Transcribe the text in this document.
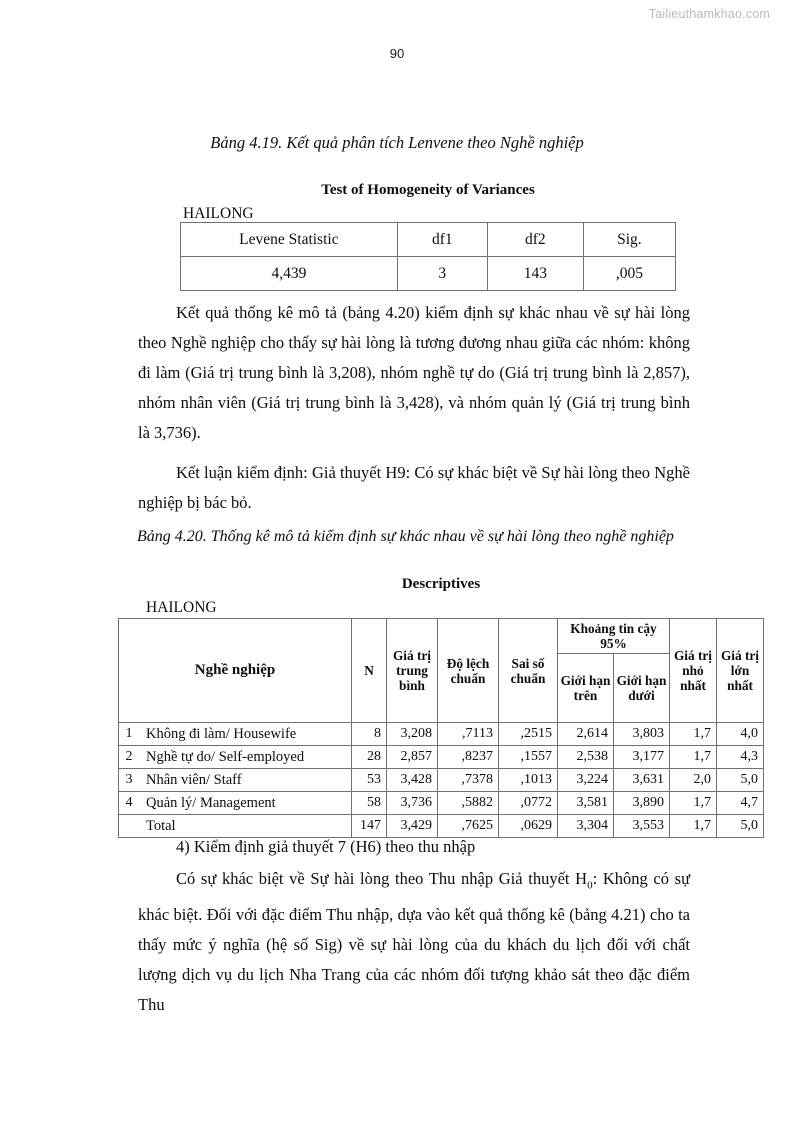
Tailieuthamkhao.com
90
Bảng 4.19. Kết quả phân tích Lenvene theo Nghề nghiệp
Test of Homogeneity of Variances
HAILONG
Levene Statistic	df1	df2	Sig.
4,439	3	143	,005

Kết quả thống kê mô tả (bảng 4.20) kiểm định sự khác nhau về sự hài lòng theo Nghề nghiệp cho thấy sự hài lòng là tương đương nhau giữa các nhóm: không đi làm (Giá trị trung bình là 3,208), nhóm nghề tự do (Giá trị trung bình là 2,857), nhóm nhân viên (Giá trị trung bình là 3,428), và nhóm quản lý (Giá trị trung bình là 3,736).

Kết luận kiểm định: Giả thuyết H9: Có sự khác biệt về Sự hài lòng theo Nghề nghiệp bị bác bỏ.

Bảng 4.20. Thống kê mô tả kiểm định sự khác nhau về sự hài lòng theo nghề nghiệp
Descriptives
HAILONG
Nghề nghiệp		N	Giá trị trung bình	Độ lệch chuẩn	Sai số chuẩn	Khoảng tin cậy 95%		Giá trị nhỏ nhất	Giá trị lớn nhất
						Giới hạn trên	Giới hạn dưới		
1	Không đi làm/ Housewife	8	3,208	,7113	,2515	2,614	3,803	1,7	4,0
2	Nghề tự do/ Self-employed	28	2,857	,8237	,1557	2,538	3,177	1,7	4,3
3	Nhân viên/ Staff	53	3,428	,7378	,1013	3,224	3,631	2,0	5,0
4	Quản lý/ Management	58	3,736	,5882	,0772	3,581	3,890	1,7	4,7
	Total	147	3,429	,7625	,0629	3,304	3,553	1,7	5,0
4) Kiểm định giả thuyết 7 (H6) theo thu nhập

Có sự khác biệt về Sự hài lòng theo Thu nhập Giả thuyết $H_0$: Không có sự khác biệt. Đối với đặc điểm Thu nhập, dựa vào kết quả thống kê (bảng 4.21) cho ta thấy mức ý nghĩa (hệ số Sig) về sự hài lòng của du khách du lịch đối với chất lượng dịch vụ du lịch Nha Trang của các nhóm đối tượng khảo sát theo đặc điểm Thu
